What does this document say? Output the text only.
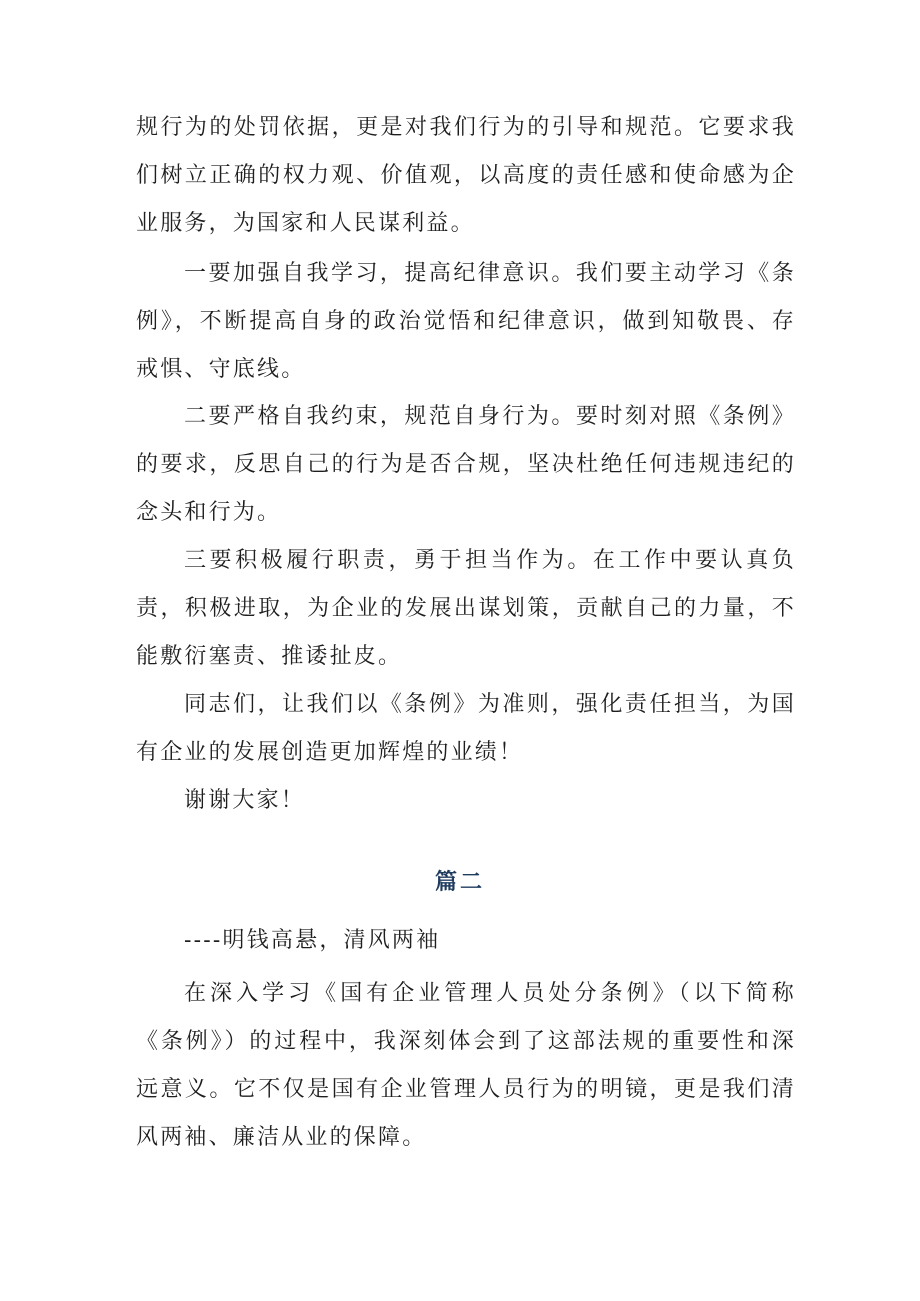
规行为的处罚依据，更是对我们行为的引导和规范。它要求我们树立正确的权力观、价值观，以高度的责任感和使命感为企业服务，为国家和人民谋利益。

一要加强自我学习，提高纪律意识。我们要主动学习《条例》，不断提高自身的政治觉悟和纪律意识，做到知敬畏、存戒惧、守底线。

二要严格自我约束，规范自身行为。要时刻对照《条例》的要求，反思自己的行为是否合规，坚决杜绝任何违规违纪的念头和行为。

三要积极履行职责，勇于担当作为。在工作中要认真负责，积极进取，为企业的发展出谋划策，贡献自己的力量，不能敷衍塞责、推诿扯皮。

同志们，让我们以《条例》为准则，强化责任担当，为国有企业的发展创造更加辉煌的业绩！

谢谢大家！

篇二

----明钱高悬，清风两袖

在深入学习《国有企业管理人员处分条例》（以下简称《条例》）的过程中，我深刻体会到了这部法规的重要性和深远意义。它不仅是国有企业管理人员行为的明镜，更是我们清风两袖、廉洁从业的保障。
